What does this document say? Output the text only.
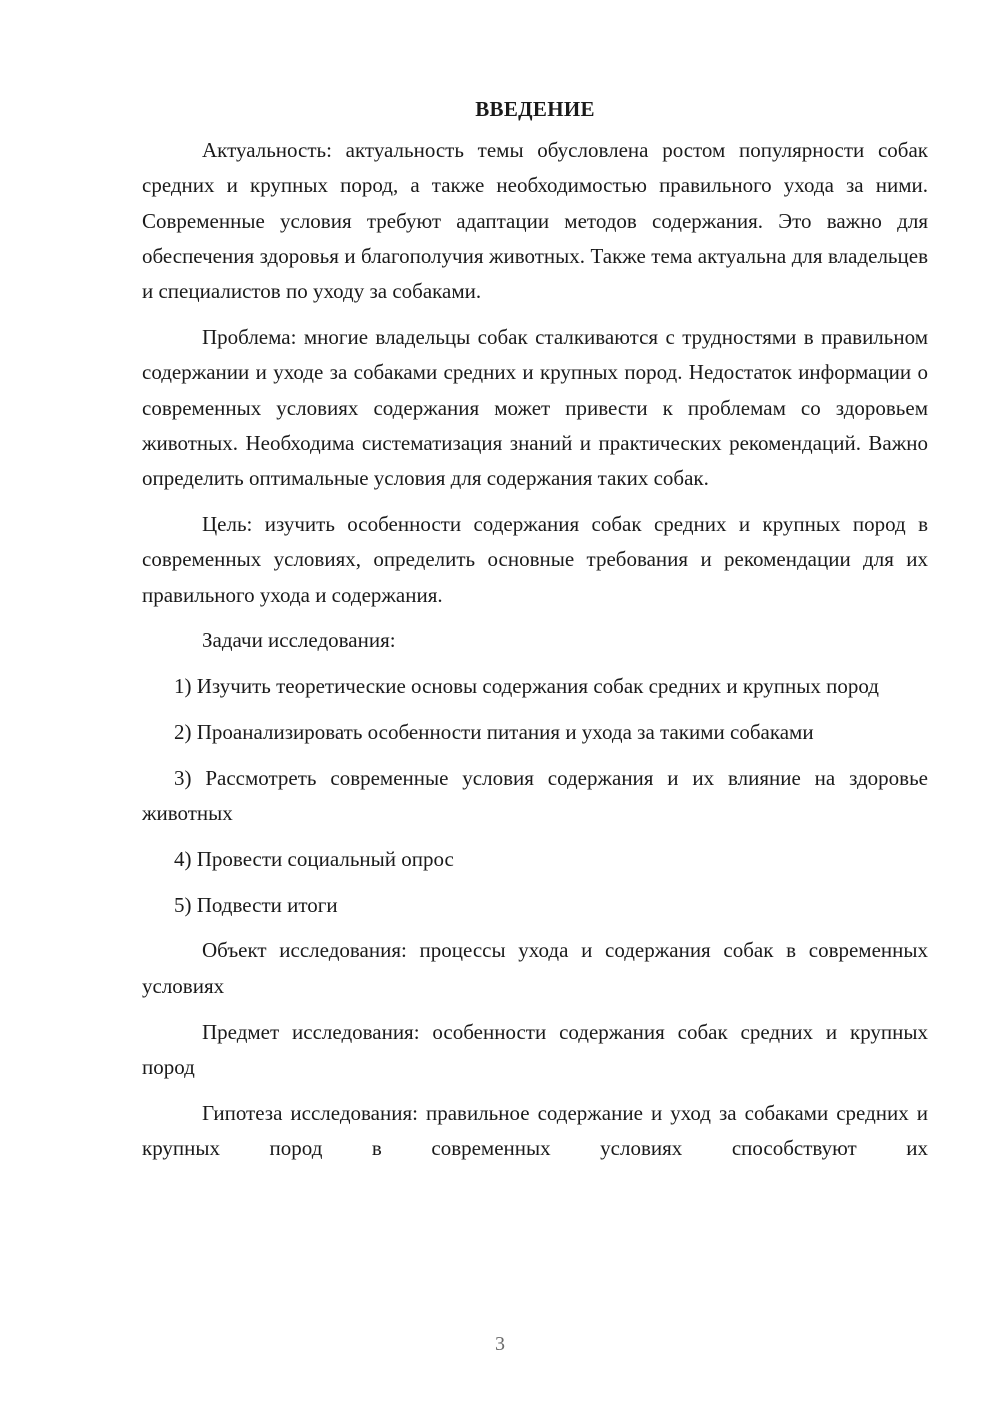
ВВЕДЕНИЕ

Актуальность: актуальность темы обусловлена ростом популярности собак средних и крупных пород, а также необходимостью правильного ухода за ними. Современные условия требуют адаптации методов содержания. Это важно для обеспечения здоровья и благополучия животных. Также тема актуальна для владельцев и специалистов по уходу за собаками.

Проблема: многие владельцы собак сталкиваются с трудностями в правильном содержании и уходе за собаками средних и крупных пород. Недостаток информации о современных условиях содержания может привести к проблемам со здоровьем животных. Необходима систематизация знаний и практических рекомендаций. Важно определить оптимальные условия для содержания таких собак.

Цель: изучить особенности содержания собак средних и крупных пород в современных условиях, определить основные требования и рекомендации для их правильного ухода и содержания.

Задачи исследования:

1) Изучить теоретические основы содержания собак средних и крупных пород

2) Проанализировать особенности питания и ухода за такими собаками

3) Рассмотреть современные условия содержания и их влияние на здоровье животных

4) Провести социальный опрос

5) Подвести итоги

Объект исследования: процессы ухода и содержания собак в современных условиях

Предмет исследования: особенности содержания собак средних и крупных пород

Гипотеза исследования: правильное содержание и уход за собаками средних и крупных пород в современных условиях способствуют их

3
